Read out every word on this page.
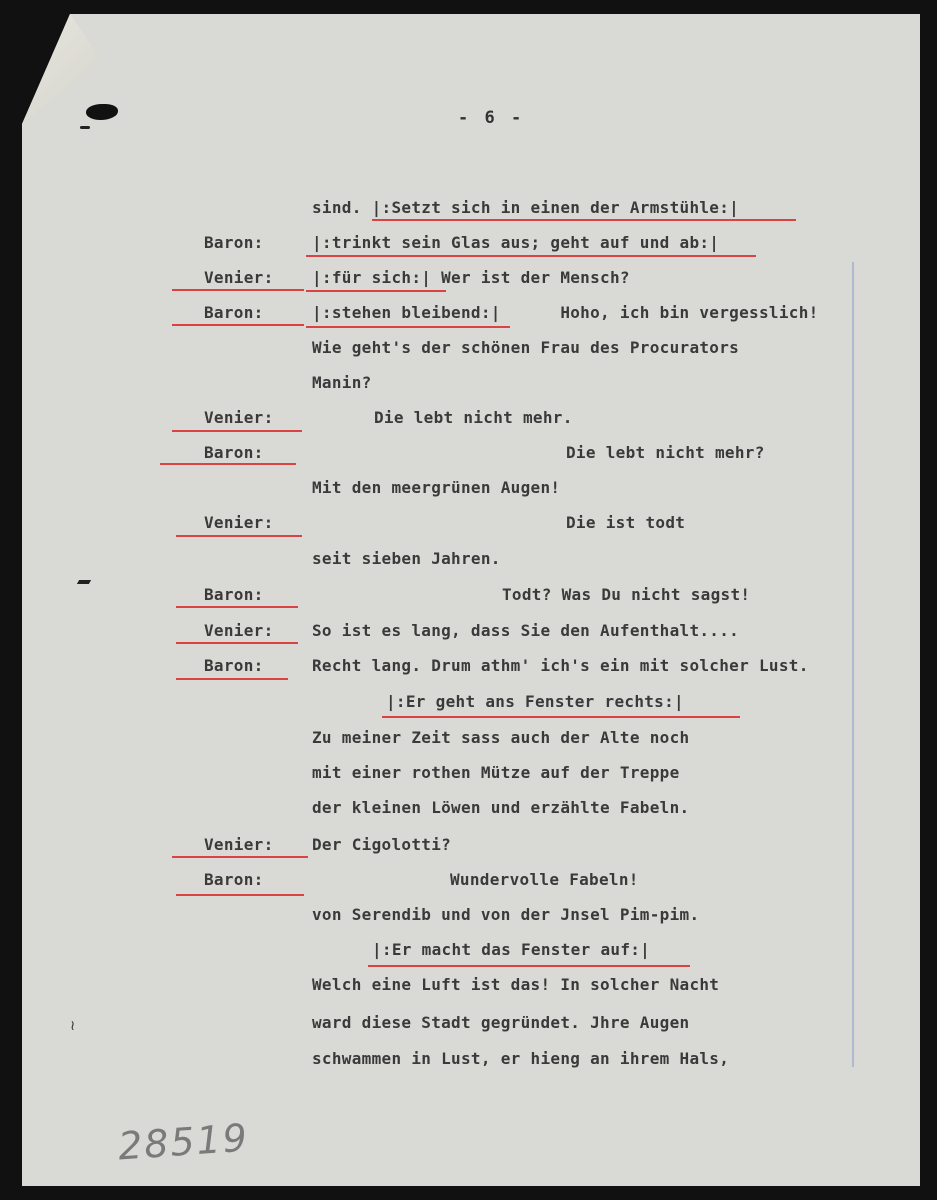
≀
- 6 -
sind. |:Setzt sich in einen der Armstühle:|
Baron:	|:trinkt sein Glas aus; geht auf und ab:|
Venier: |:für sich:| Wer ist der Mensch?
Baron:	|:stehen bleibend:|      Hoho, ich bin vergesslich!
Wie geht's der schönen Frau des Procurators
Manin?
Venier:	Die lebt nicht mehr.
Baron:	Die lebt nicht mehr?
Mit den meergrünen Augen!
Venier:	Die ist todt
seit sieben Jahren.
Baron:	Todt? Was Du nicht sagst!
Venier: So ist es lang, dass Sie den Aufenthalt....
Baron:	Recht lang. Drum athm' ich's ein mit solcher Lust.
|:Er geht ans Fenster rechts:|
Zu meiner Zeit sass auch der Alte noch
mit einer rothen Mütze auf der Treppe
der kleinen Löwen und erzählte Fabeln.
Venier: Der Cigolotti?
Baron:	Wundervolle Fabeln!
von Serendib und von der Jnsel Pim-pim.
|:Er macht das Fenster auf:|
Welch eine Luft ist das! In solcher Nacht
ward diese Stadt gegründet. Jhre Augen
schwammen in Lust, er hieng an ihrem Hals,
28519
